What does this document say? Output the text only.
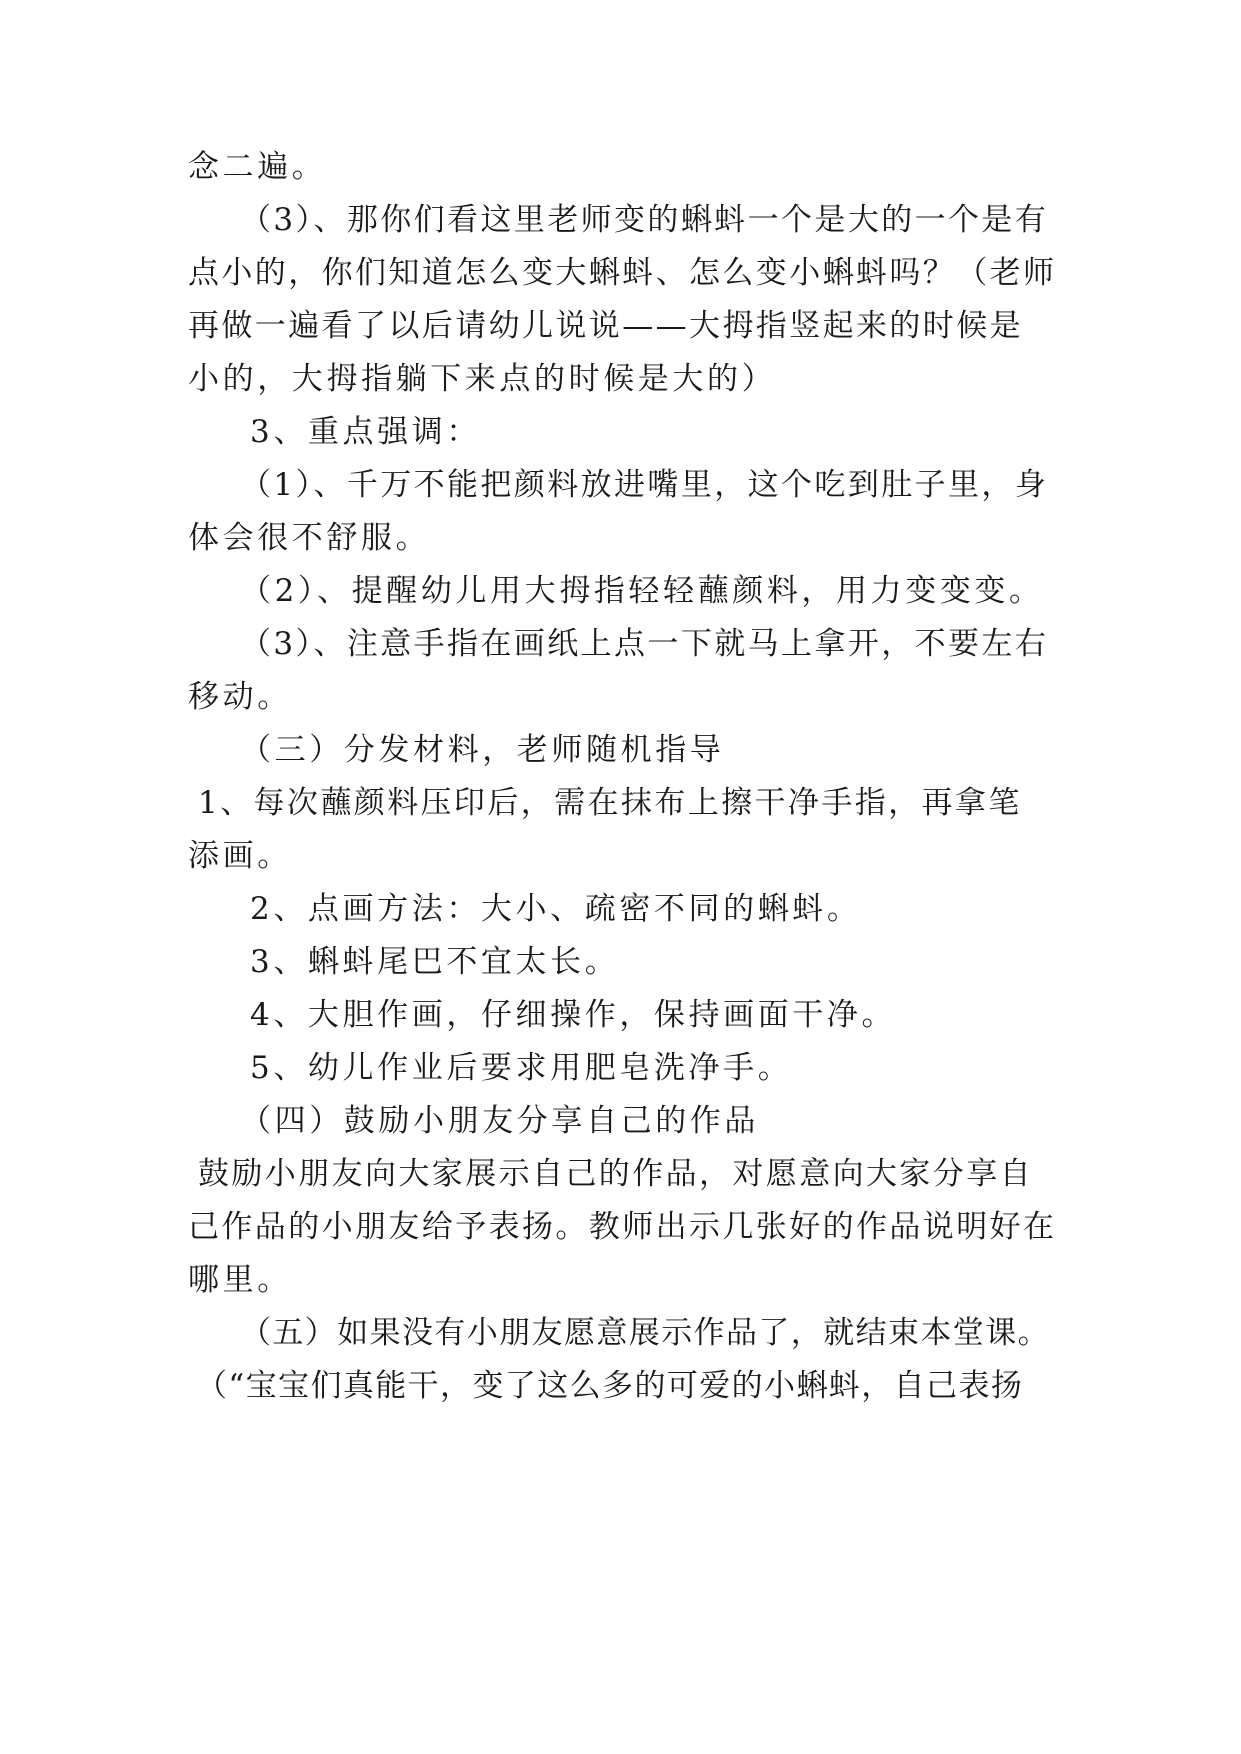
念二遍。
（3）、那你们看这里老师变的蝌蚪一个是大的一个是有
点小的，你们知道怎么变大蝌蚪、怎么变小蝌蚪吗？（老师
再做一遍看了以后请幼儿说说——大拇指竖起来的时候是
小的，大拇指躺下来点的时候是大的）
3、重点强调：
（1）、千万不能把颜料放进嘴里，这个吃到肚子里，身
体会很不舒服。
（2）、提醒幼儿用大拇指轻轻蘸颜料，用力变变变。
（3）、注意手指在画纸上点一下就马上拿开，不要左右
移动。
（三）分发材料，老师随机指导
1、每次蘸颜料压印后，需在抹布上擦干净手指，再拿笔
添画。
2、点画方法：大小、疏密不同的蝌蚪。
3、蝌蚪尾巴不宜太长。
4、大胆作画，仔细操作，保持画面干净。
5、幼儿作业后要求用肥皂洗净手。
（四）鼓励小朋友分享自己的作品
鼓励小朋友向大家展示自己的作品，对愿意向大家分享自
己作品的小朋友给予表扬。教师出示几张好的作品说明好在
哪里。
（五）如果没有小朋友愿意展示作品了，就结束本堂课。
（“宝宝们真能干，变了这么多的可爱的小蝌蚪，自己表扬
